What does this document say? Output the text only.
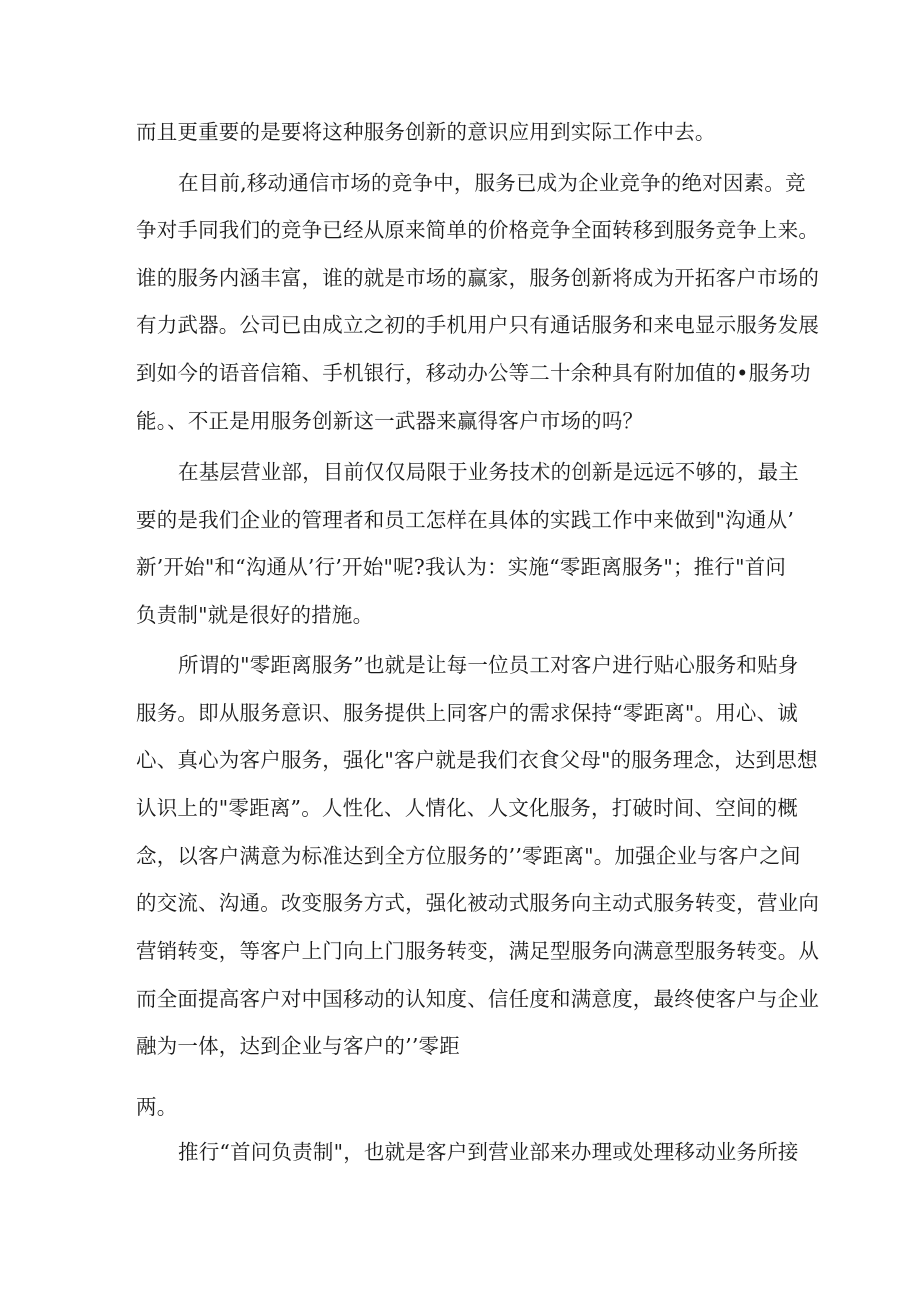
而且更重要的是要将这种服务创新的意识应用到实际工作中去。
在目前,移动通信市场的竞争中，服务已成为企业竞争的绝对因素。竞
争对手同我们的竞争已经从原来简单的价格竞争全面转移到服务竞争上来。
谁的服务内涵丰富，谁的就是市场的赢家，服务创新将成为开拓客户市场的
有力武器。公司已由成立之初的手机用户只有通话服务和来电显示服务发展
到如今的语音信箱、手机银行，移动办公等二十余种具有附加值的•服务功
能。、不正是用服务创新这一武器来赢得客户市场的吗？
在基层营业部，目前仅仅局限于业务技术的创新是远远不够的，最主
要的是我们企业的管理者和员工怎样在具体的实践工作中来做到"沟通从’
新’开始"和“沟通从’行’开始"呢?我认为：实施“零距离服务"；推行"首问
负责制"就是很好的措施。
所谓的"零距离服务”也就是让每一位员工对客户进行贴心服务和贴身
服务。即从服务意识、服务提供上同客户的需求保持“零距离"。用心、诚
心、真心为客户服务，强化"客户就是我们衣食父母"的服务理念，达到思想
认识上的"零距离”。人性化、人情化、人文化服务，打破时间、空间的概
念，以客户满意为标准达到全方位服务的’’零距离"。加强企业与客户之间
的交流、沟通。改变服务方式，强化被动式服务向主动式服务转变，营业向
营销转变，等客户上门向上门服务转变，满足型服务向满意型服务转变。从
而全面提高客户对中国移动的认知度、信任度和满意度，最终使客户与企业
融为一体，达到企业与客户的’’零距
两。
推行“首问负责制"，也就是客户到营业部来办理或处理移动业务所接
